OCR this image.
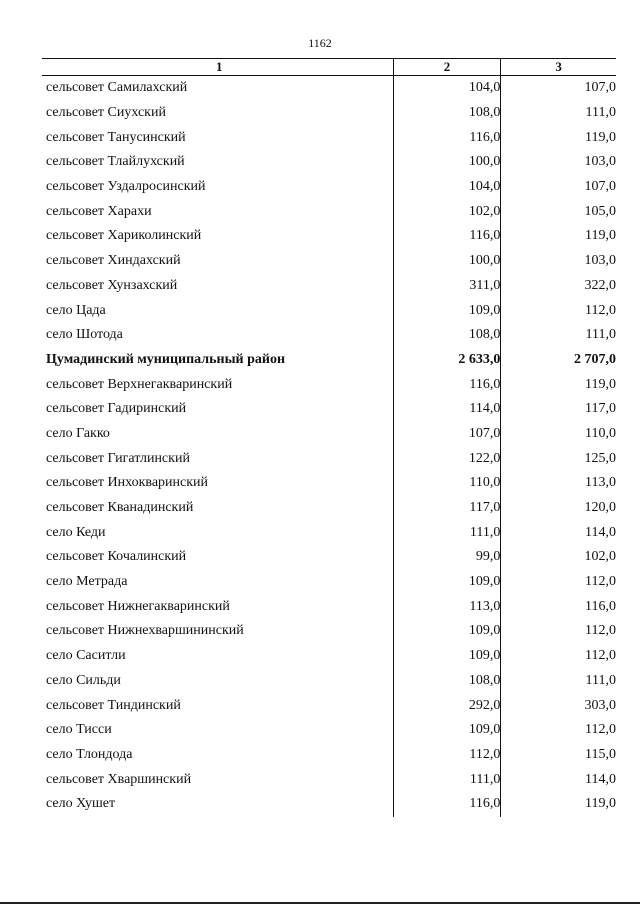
1162
1	2	3
сельсовет Самилахский	104,0	107,0
сельсовет Сиухский	108,0	111,0
сельсовет Танусинский	116,0	119,0
сельсовет Тлайлухский	100,0	103,0
сельсовет Уздалросинский	104,0	107,0
сельсовет Харахи	102,0	105,0
сельсовет Хариколинский	116,0	119,0
сельсовет Хиндахский	100,0	103,0
сельсовет Хунзахский	311,0	322,0
село Цада	109,0	112,0
село Шотода	108,0	111,0
Цумадинский муниципальный район	2 633,0	2 707,0
сельсовет Верхнегакваринский	116,0	119,0
сельсовет Гадиринский	114,0	117,0
село Гакко	107,0	110,0
сельсовет Гигатлинский	122,0	125,0
сельсовет Инхокваринский	110,0	113,0
сельсовет Кванадинский	117,0	120,0
село Кеди	111,0	114,0
сельсовет Кочалинский	99,0	102,0
село Метрада	109,0	112,0
сельсовет Нижнегакваринский	113,0	116,0
сельсовет Нижнехваршининский	109,0	112,0
село Саситли	109,0	112,0
село Сильди	108,0	111,0
сельсовет Тиндинский	292,0	303,0
село Тисси	109,0	112,0
село Тлондода	112,0	115,0
сельсовет Хваршинский	111,0	114,0
село Хушет	116,0	119,0
